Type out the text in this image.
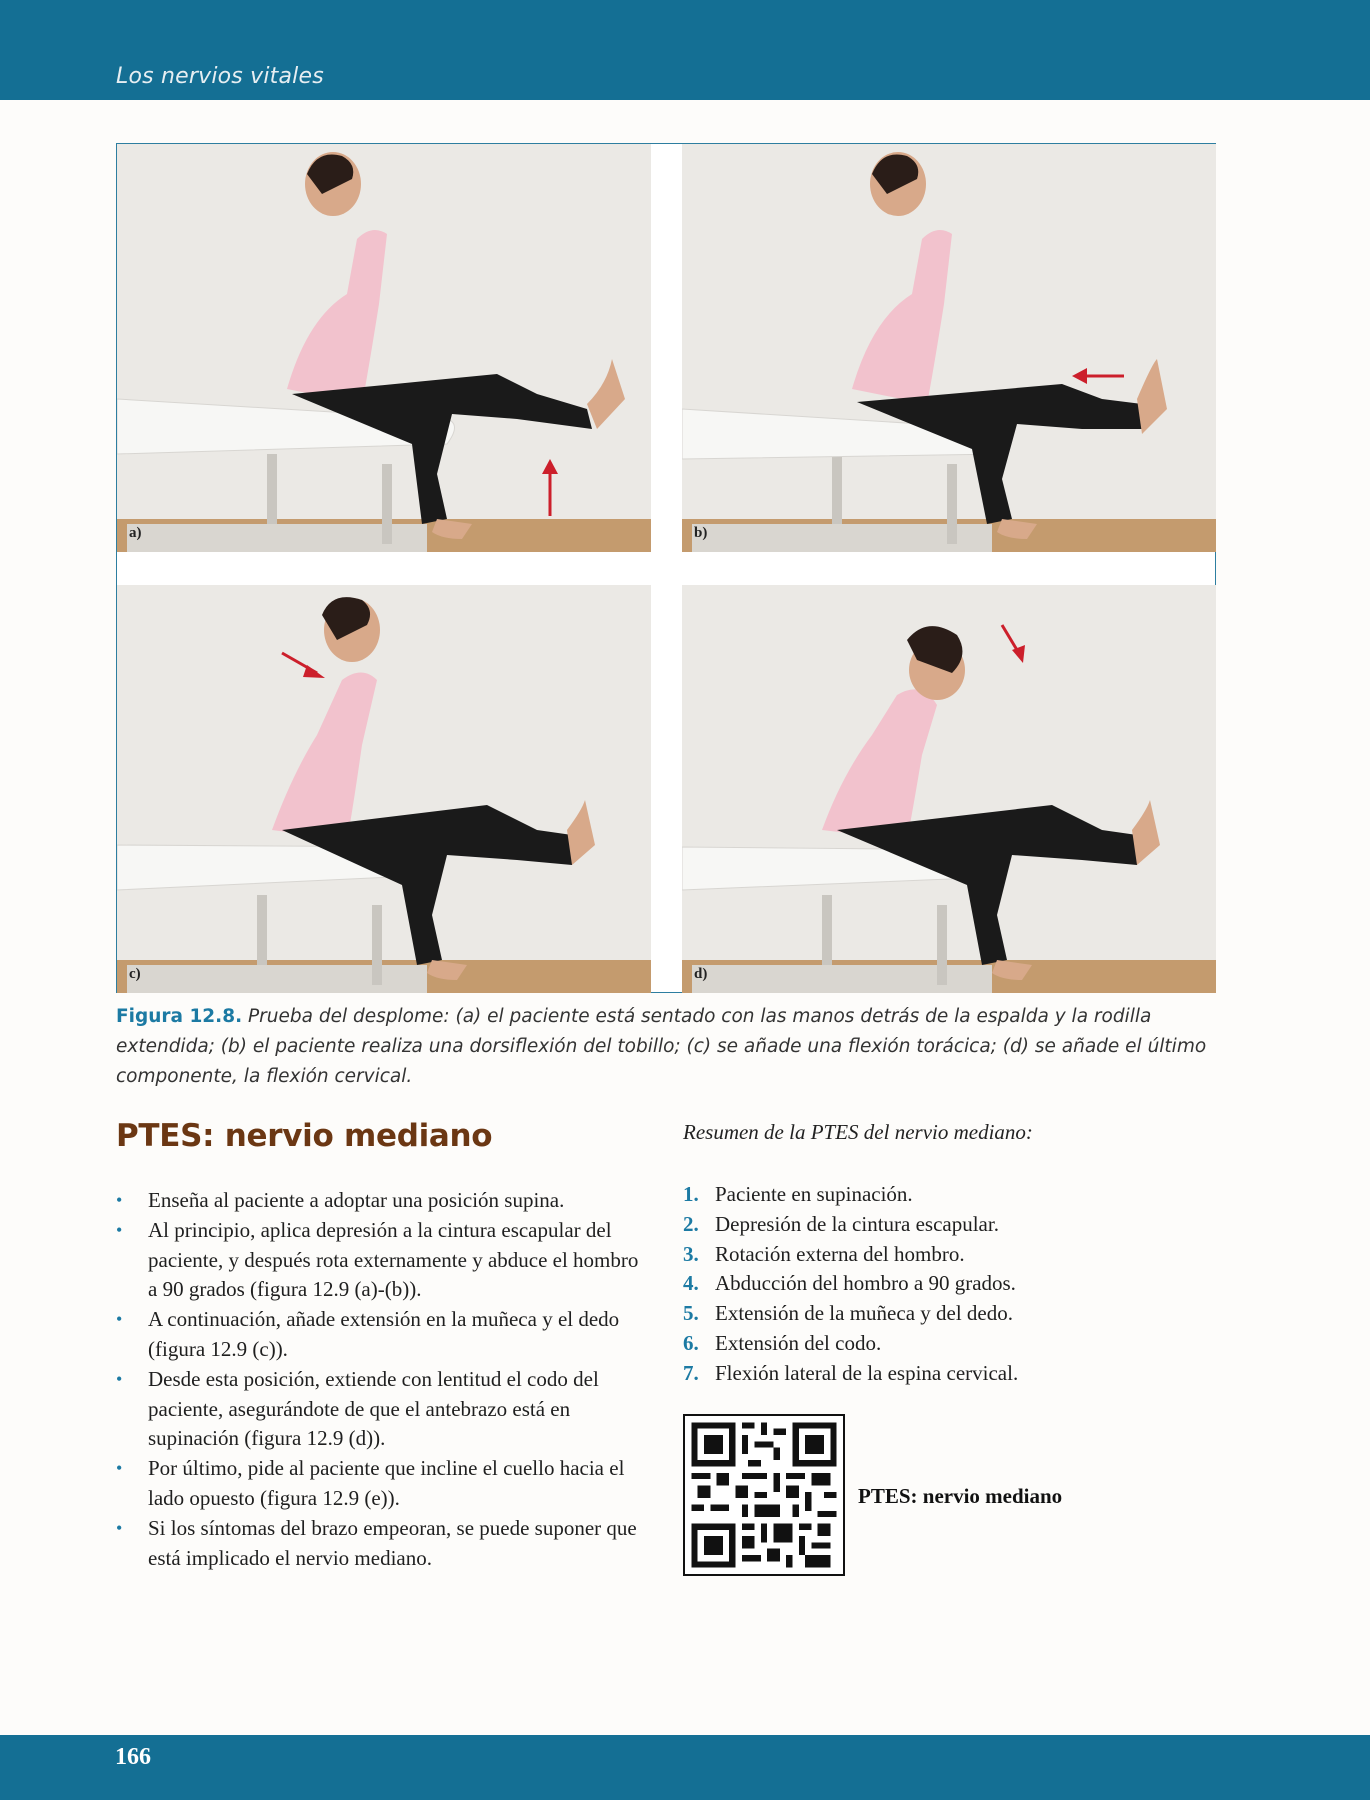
Los nervios vitales
a)	b)
c)	d)
Figura 12.8. Prueba del desplome: (a) el paciente está sentado con las manos detrás de la espalda y la rodilla extendida; (b) el paciente realiza una dorsiflexión del tobillo; (c) se añade una flexión torácica; (d) se añade el último componente, la flexión cervical.
PTES: nervio mediano
• Enseña al paciente a adoptar una posición supina.
• Al principio, aplica depresión a la cintura escapular del paciente, y después rota externamente y abduce el hombro a 90 grados (figura 12.9 (a)-(b)).
• A continuación, añade extensión en la muñeca y el dedo (figura 12.9 (c)).
• Desde esta posición, extiende con lentitud el codo del paciente, asegurándote de que el antebrazo está en supinación (figura 12.9 (d)).
• Por último, pide al paciente que incline el cuello hacia el lado opuesto (figura 12.9 (e)).
• Si los síntomas del brazo empeoran, se puede suponer que está implicado el nervio mediano.
Resumen de la PTES del nervio mediano:
1. Paciente en supinación.
2. Depresión de la cintura escapular.
3. Rotación externa del hombro.
4. Abducción del hombro a 90 grados.
5. Extensión de la muñeca y del dedo.
6. Extensión del codo.
7. Flexión lateral de la espina cervical.
PTES: nervio mediano
166
